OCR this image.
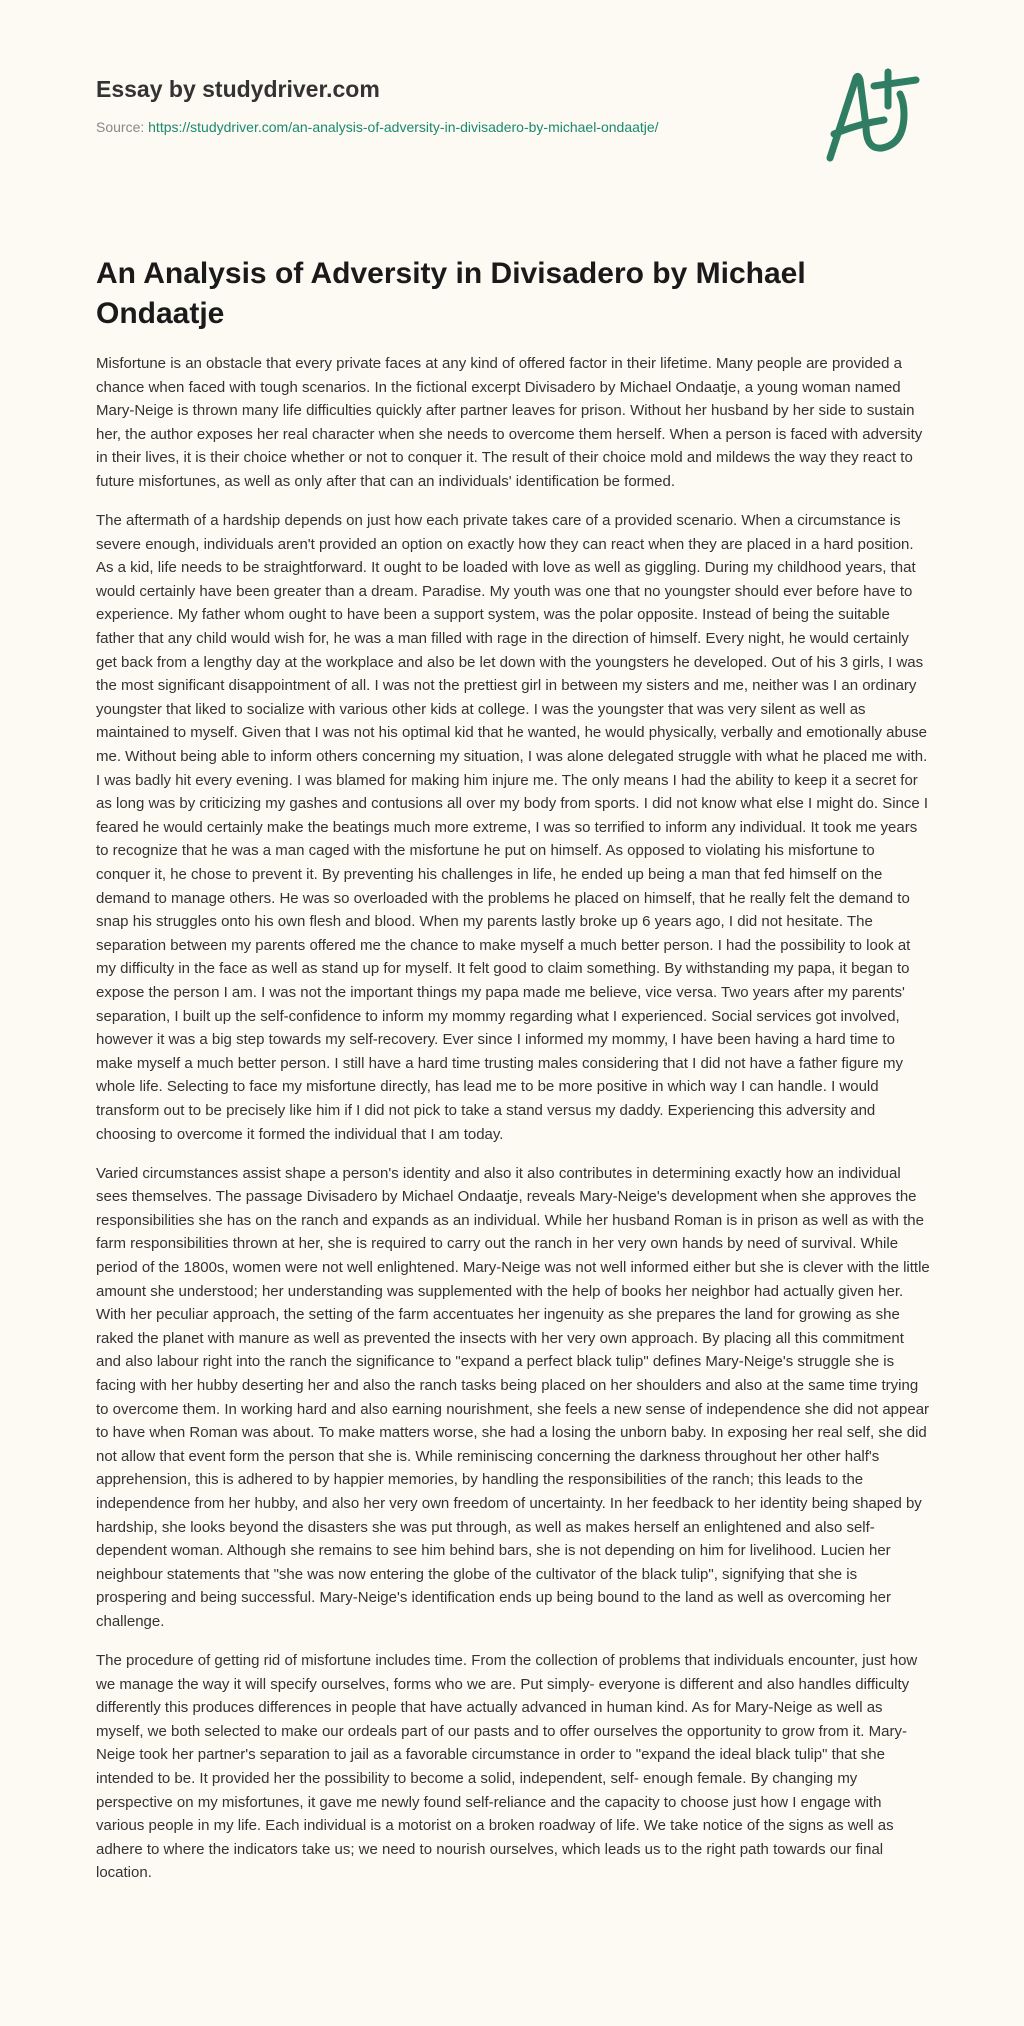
Essay by studydriver.com
Source: https://studydriver.com/an-analysis-of-adversity-in-divisadero-by-michael-ondaatje/
An Analysis of Adversity in Divisadero by Michael Ondaatje

Misfortune is an obstacle that every private faces at any kind of offered factor in their lifetime. Many people are provided a chance when faced with tough scenarios. In the fictional excerpt Divisadero by Michael Ondaatje, a young woman named Mary-Neige is thrown many life difficulties quickly after partner leaves for prison. Without her husband by her side to sustain her, the author exposes her real character when she needs to overcome them herself. When a person is faced with adversity in their lives, it is their choice whether or not to conquer it. The result of their choice mold and mildews the way they react to future misfortunes, as well as only after that can an individuals' identification be formed.

The aftermath of a hardship depends on just how each private takes care of a provided scenario. When a circumstance is severe enough, individuals aren't provided an option on exactly how they can react when they are placed in a hard position. As a kid, life needs to be straightforward. It ought to be loaded with love as well as giggling. During my childhood years, that would certainly have been greater than a dream. Paradise. My youth was one that no youngster should ever before have to experience. My father whom ought to have been a support system, was the polar opposite. Instead of being the suitable father that any child would wish for, he was a man filled with rage in the direction of himself. Every night, he would certainly get back from a lengthy day at the workplace and also be let down with the youngsters he developed. Out of his 3 girls, I was the most significant disappointment of all. I was not the prettiest girl in between my sisters and me, neither was I an ordinary youngster that liked to socialize with various other kids at college. I was the youngster that was very silent as well as maintained to myself. Given that I was not his optimal kid that he wanted, he would physically, verbally and emotionally abuse me. Without being able to inform others concerning my situation, I was alone delegated struggle with what he placed me with. I was badly hit every evening. I was blamed for making him injure me. The only means I had the ability to keep it a secret for as long was by criticizing my gashes and contusions all over my body from sports. I did not know what else I might do. Since I feared he would certainly make the beatings much more extreme, I was so terrified to inform any individual. It took me years to recognize that he was a man caged with the misfortune he put on himself. As opposed to violating his misfortune to conquer it, he chose to prevent it. By preventing his challenges in life, he ended up being a man that fed himself on the demand to manage others. He was so overloaded with the problems he placed on himself, that he really felt the demand to snap his struggles onto his own flesh and blood. When my parents lastly broke up 6 years ago, I did not hesitate. The separation between my parents offered me the chance to make myself a much better person. I had the possibility to look at my difficulty in the face as well as stand up for myself. It felt good to claim something. By withstanding my papa, it began to expose the person I am. I was not the important things my papa made me believe, vice versa. Two years after my parents' separation, I built up the self-confidence to inform my mommy regarding what I experienced. Social services got involved, however it was a big step towards my self-recovery. Ever since I informed my mommy, I have been having a hard time to make myself a much better person. I still have a hard time trusting males considering that I did not have a father figure my whole life. Selecting to face my misfortune directly, has lead me to be more positive in which way I can handle. I would transform out to be precisely like him if I did not pick to take a stand versus my daddy. Experiencing this adversity and choosing to overcome it formed the individual that I am today.

Varied circumstances assist shape a person's identity and also it also contributes in determining exactly how an individual sees themselves. The passage Divisadero by Michael Ondaatje, reveals Mary-Neige's development when she approves the responsibilities she has on the ranch and expands as an individual. While her husband Roman is in prison as well as with the farm responsibilities thrown at her, she is required to carry out the ranch in her very own hands by need of survival. While period of the 1800s, women were not well enlightened. Mary-Neige was not well informed either but she is clever with the little amount she understood; her understanding was supplemented with the help of books her neighbor had actually given her. With her peculiar approach, the setting of the farm accentuates her ingenuity as she prepares the land for growing as she raked the planet with manure as well as prevented the insects with her very own approach. By placing all this commitment and also labour right into the ranch the significance to "expand a perfect black tulip" defines Mary-Neige's struggle she is facing with her hubby deserting her and also the ranch tasks being placed on her shoulders and also at the same time trying to overcome them. In working hard and also earning nourishment, she feels a new sense of independence she did not appear to have when Roman was about. To make matters worse, she had a losing the unborn baby. In exposing her real self, she did not allow that event form the person that she is. While reminiscing concerning the darkness throughout her other half's apprehension, this is adhered to by happier memories, by handling the responsibilities of the ranch; this leads to the independence from her hubby, and also her very own freedom of uncertainty. In her feedback to her identity being shaped by hardship, she looks beyond the disasters she was put through, as well as makes herself an enlightened and also self-dependent woman. Although she remains to see him behind bars, she is not depending on him for livelihood. Lucien her neighbour statements that "she was now entering the globe of the cultivator of the black tulip", signifying that she is prospering and being successful. Mary-Neige's identification ends up being bound to the land as well as overcoming her challenge.

The procedure of getting rid of misfortune includes time. From the collection of problems that individuals encounter, just how we manage the way it will specify ourselves, forms who we are. Put simply- everyone is different and also handles difficulty differently this produces differences in people that have actually advanced in human kind. As for Mary-Neige as well as myself, we both selected to make our ordeals part of our pasts and to offer ourselves the opportunity to grow from it. Mary-Neige took her partner's separation to jail as a favorable circumstance in order to "expand the ideal black tulip" that she intended to be. It provided her the possibility to become a solid, independent, self- enough female. By changing my perspective on my misfortunes, it gave me newly found self-reliance and the capacity to choose just how I engage with various people in my life. Each individual is a motorist on a broken roadway of life. We take notice of the signs as well as adhere to where the indicators take us; we need to nourish ourselves, which leads us to the right path towards our final location.
